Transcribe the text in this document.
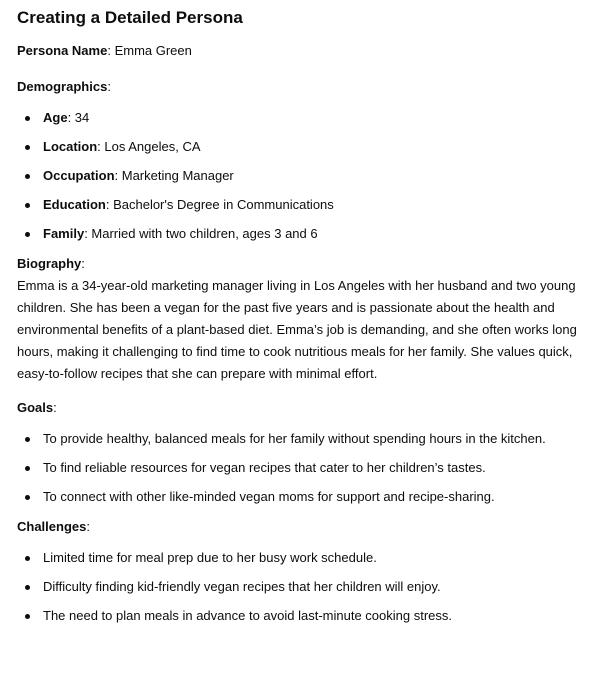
Creating a Detailed Persona

Persona Name: Emma Green

Demographics:

Age: 34
Location: Los Angeles, CA
Occupation: Marketing Manager
Education: Bachelor's Degree in Communications
Family: Married with two children, ages 3 and 6

Biography:

Emma is a 34-year-old marketing manager living in Los Angeles with her husband and two young children. She has been a vegan for the past five years and is passionate about the health and environmental benefits of a plant-based diet. Emma’s job is demanding, and she often works long hours, making it challenging to find time to cook nutritious meals for her family. She values quick, easy-to-follow recipes that she can prepare with minimal effort.

Goals:

To provide healthy, balanced meals for her family without spending hours in the kitchen.
To find reliable resources for vegan recipes that cater to her children’s tastes.
To connect with other like-minded vegan moms for support and recipe-sharing.

Challenges:

Limited time for meal prep due to her busy work schedule.
Difficulty finding kid-friendly vegan recipes that her children will enjoy.
The need to plan meals in advance to avoid last-minute cooking stress.
